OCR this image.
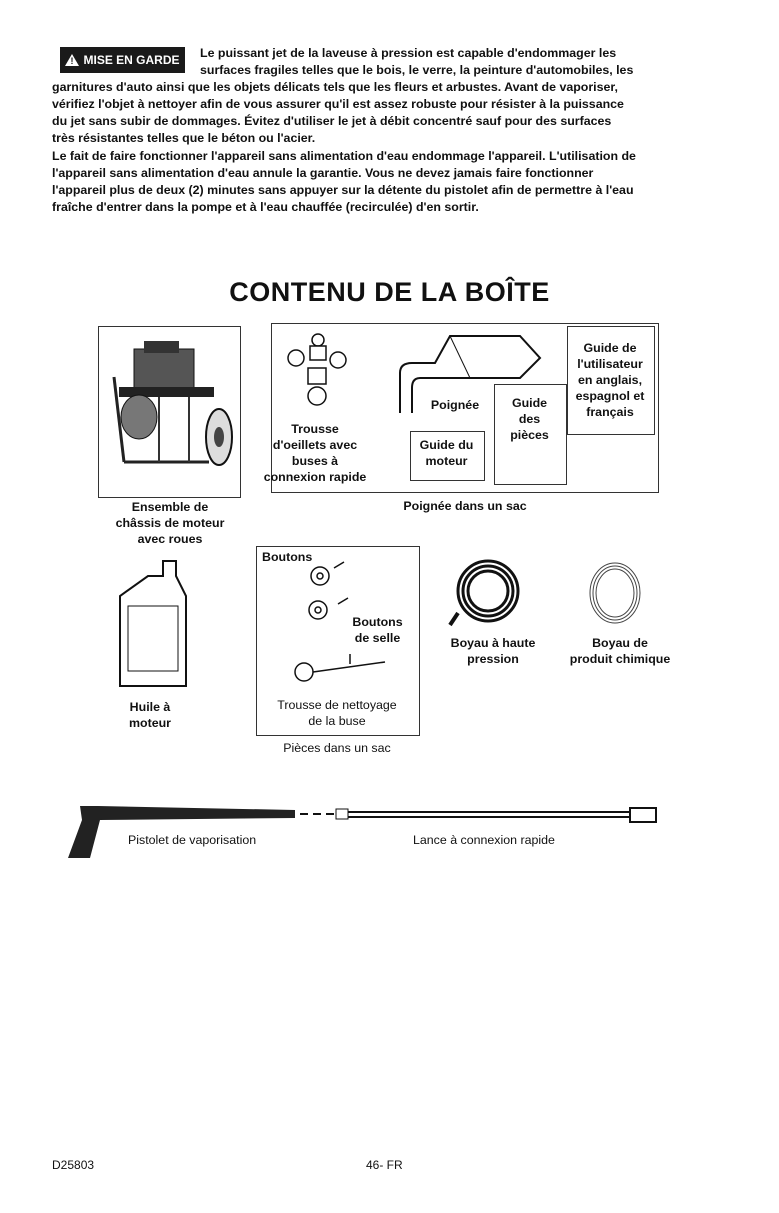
! MISE EN GARDE Le puissant jet de la laveuse à pression est capable d'endommager les
surfaces fragiles telles que le bois, le verre, la peinture d'automobiles, les
garnitures d'auto ainsi que les objets délicats tels que les fleurs et arbustes. Avant de vaporiser,
vérifiez l'objet à nettoyer afin de vous assurer qu'il est assez robuste pour résister à la puissance
du jet sans subir de dommages. Évitez d'utiliser le jet à débit concentré sauf pour des surfaces
très résistantes telles que le béton ou l'acier.
Le fait de faire fonctionner l'appareil sans alimentation d'eau endommage l'appareil. L'utilisation de
l'appareil sans alimentation d'eau annule la garantie. Vous ne devez jamais faire fonctionner
l'appareil plus de deux (2) minutes sans appuyer sur la détente du pistolet afin de permettre à l'eau
fraîche d'entrer dans la pompe et à l'eau chauffée (recirculée) d'en sortir.
CONTENU DE LA BOÎTE
Ensemble de
châssis de moteur
avec roues
Trousse
d'oeillets avec
buses à
connexion rapide
Poignée
Guide du
moteur
Guide
des
pièces
Guide de
l'utilisateur
en anglais,
espagnol et
français
Poignée dans un sac
Huile à
moteur
Boutons
Boutons
de selle
Trousse de nettoyage
de la buse
Pièces dans un sac
Boyau à haute
pression
Boyau de
produit chimique
Pistolet de vaporisation	Lance à connexion rapide
D25803	46- FR
